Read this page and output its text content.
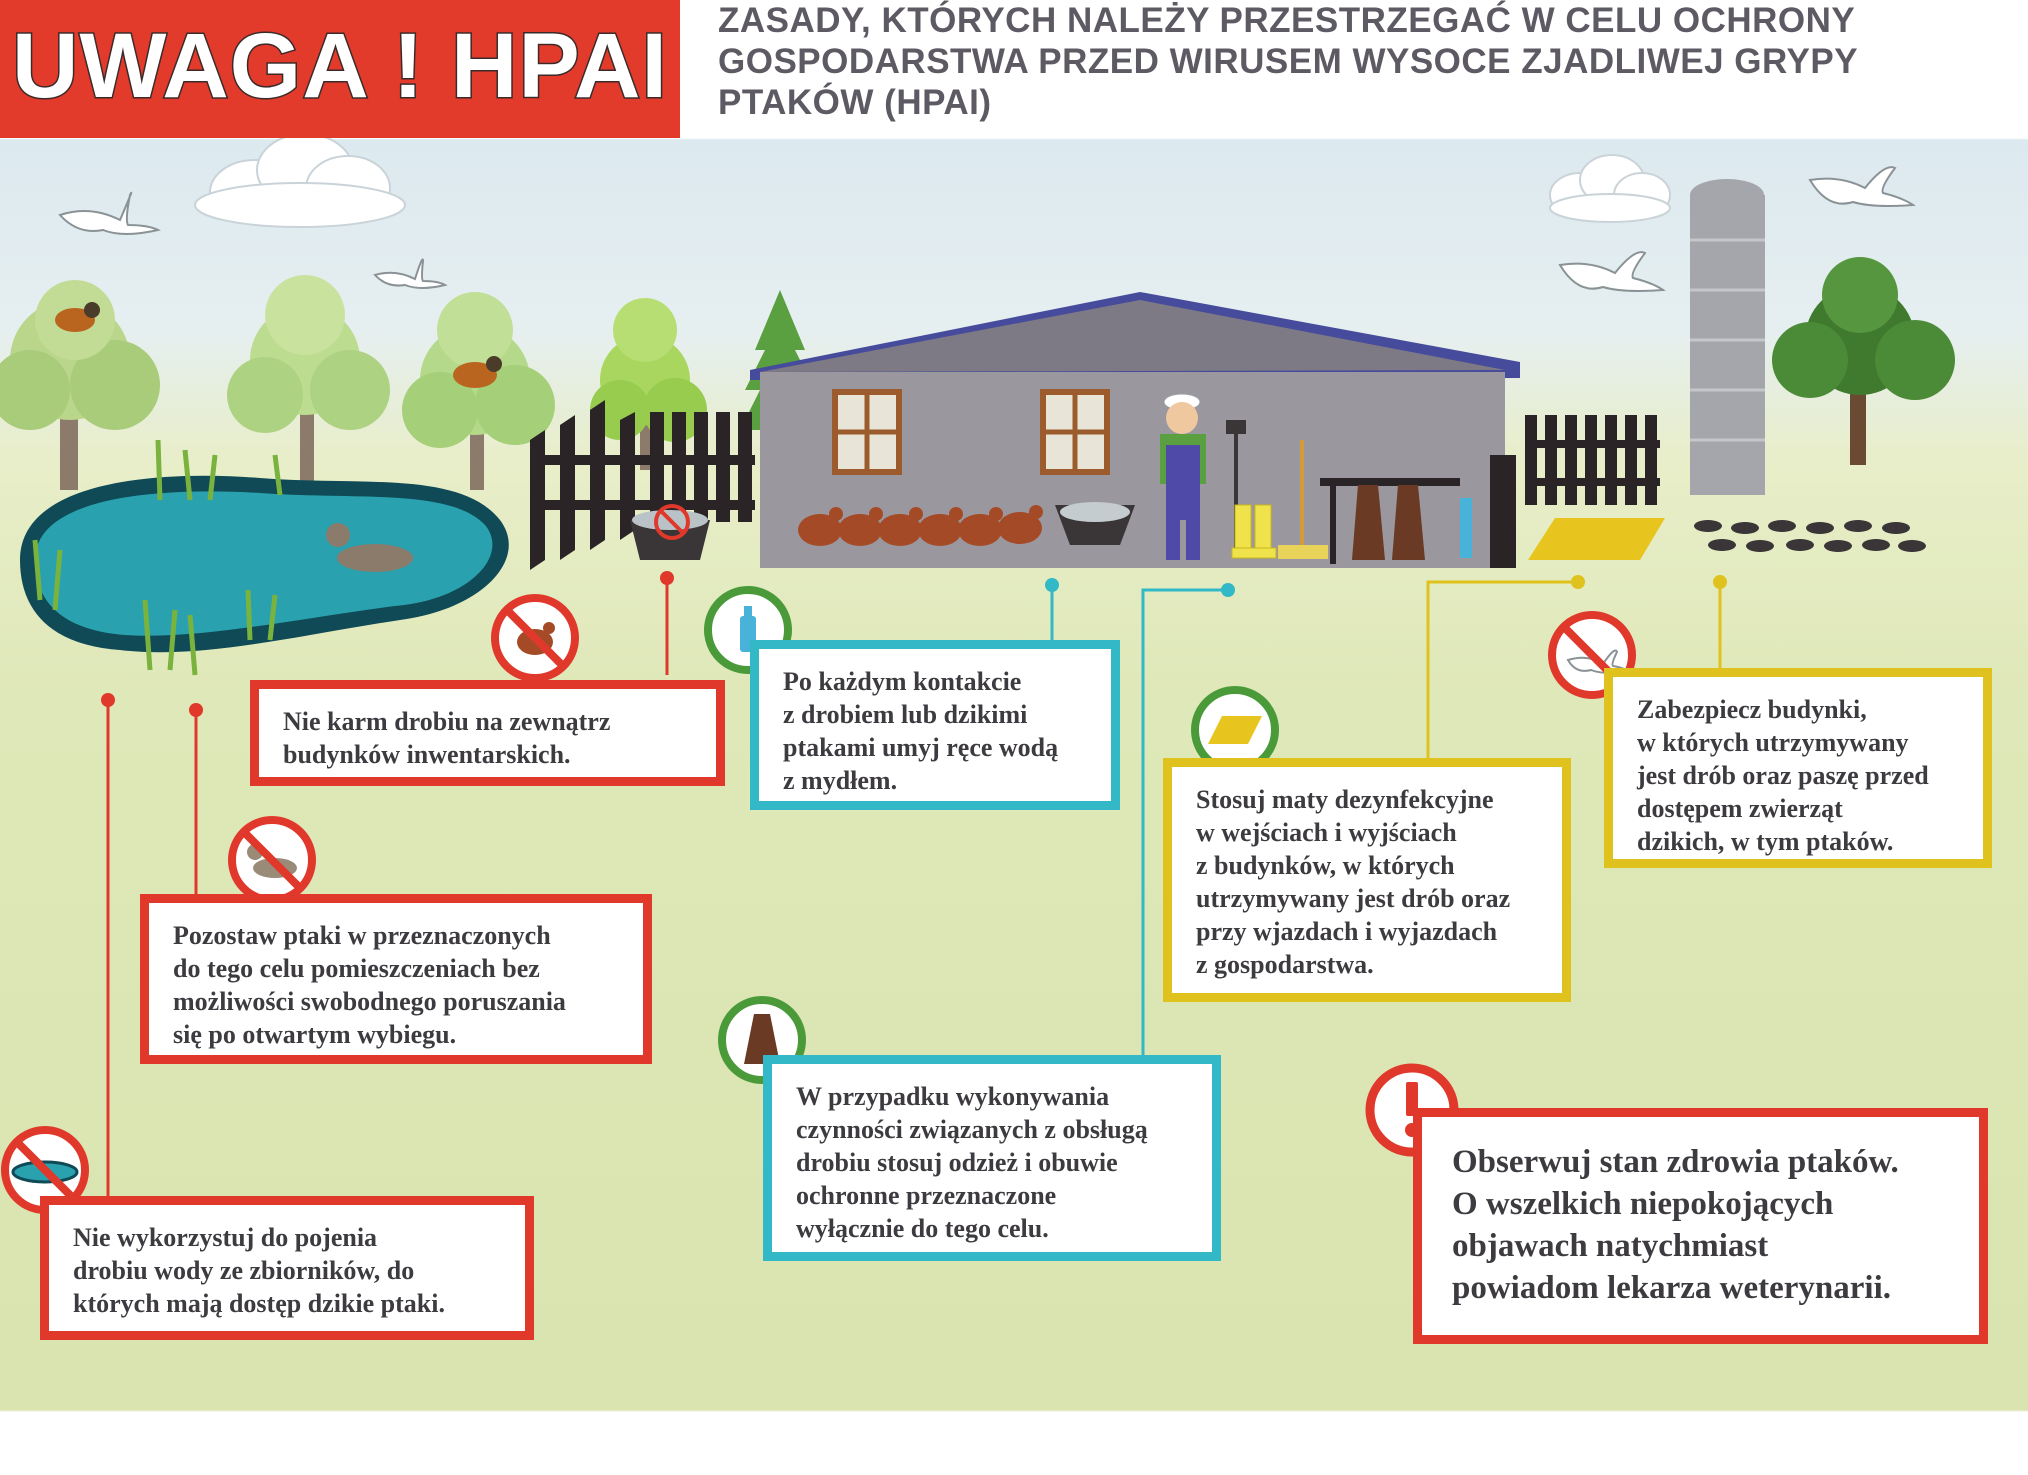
UWAGA ! HPAI	ZASADY, KTÓRYCH NALEŻY PRZESTRZEGAĆ W CELU OCHRONY
GOSPODARSTWA PRZED WIRUSEM WYSOCE ZJADLIWEJ GRYPY
PTAKÓW (HPAI)
Nie karm drobiu na zewnątrz
budynków inwentarskich.
Po każdym kontakcie
z drobiem lub dzikimi
ptakami umyj ręce wodą
z mydłem.
Pozostaw ptaki w przeznaczonych
do tego celu pomieszczeniach bez
możliwości swobodnego poruszania
się po otwartym wybiegu.
Stosuj maty dezynfekcyjne
w wejściach i wyjściach
z budynków, w których
utrzymywany jest drób oraz
przy wjazdach i wyjazdach
z gospodarstwa.
Zabezpiecz budynki,
w których utrzymywany
jest drób oraz paszę przed
dostępem zwierząt
dzikich, w tym ptaków.
Nie wykorzystuj do pojenia
drobiu wody ze zbiorników, do
których mają dostęp dzikie ptaki.
W przypadku wykonywania
czynności związanych z obsługą
drobiu stosuj odzież i obuwie
ochronne przeznaczone
wyłącznie do tego celu.
Obserwuj stan zdrowia ptaków.
O wszelkich niepokojących
objawach natychmiast
powiadom lekarza weterynarii.
